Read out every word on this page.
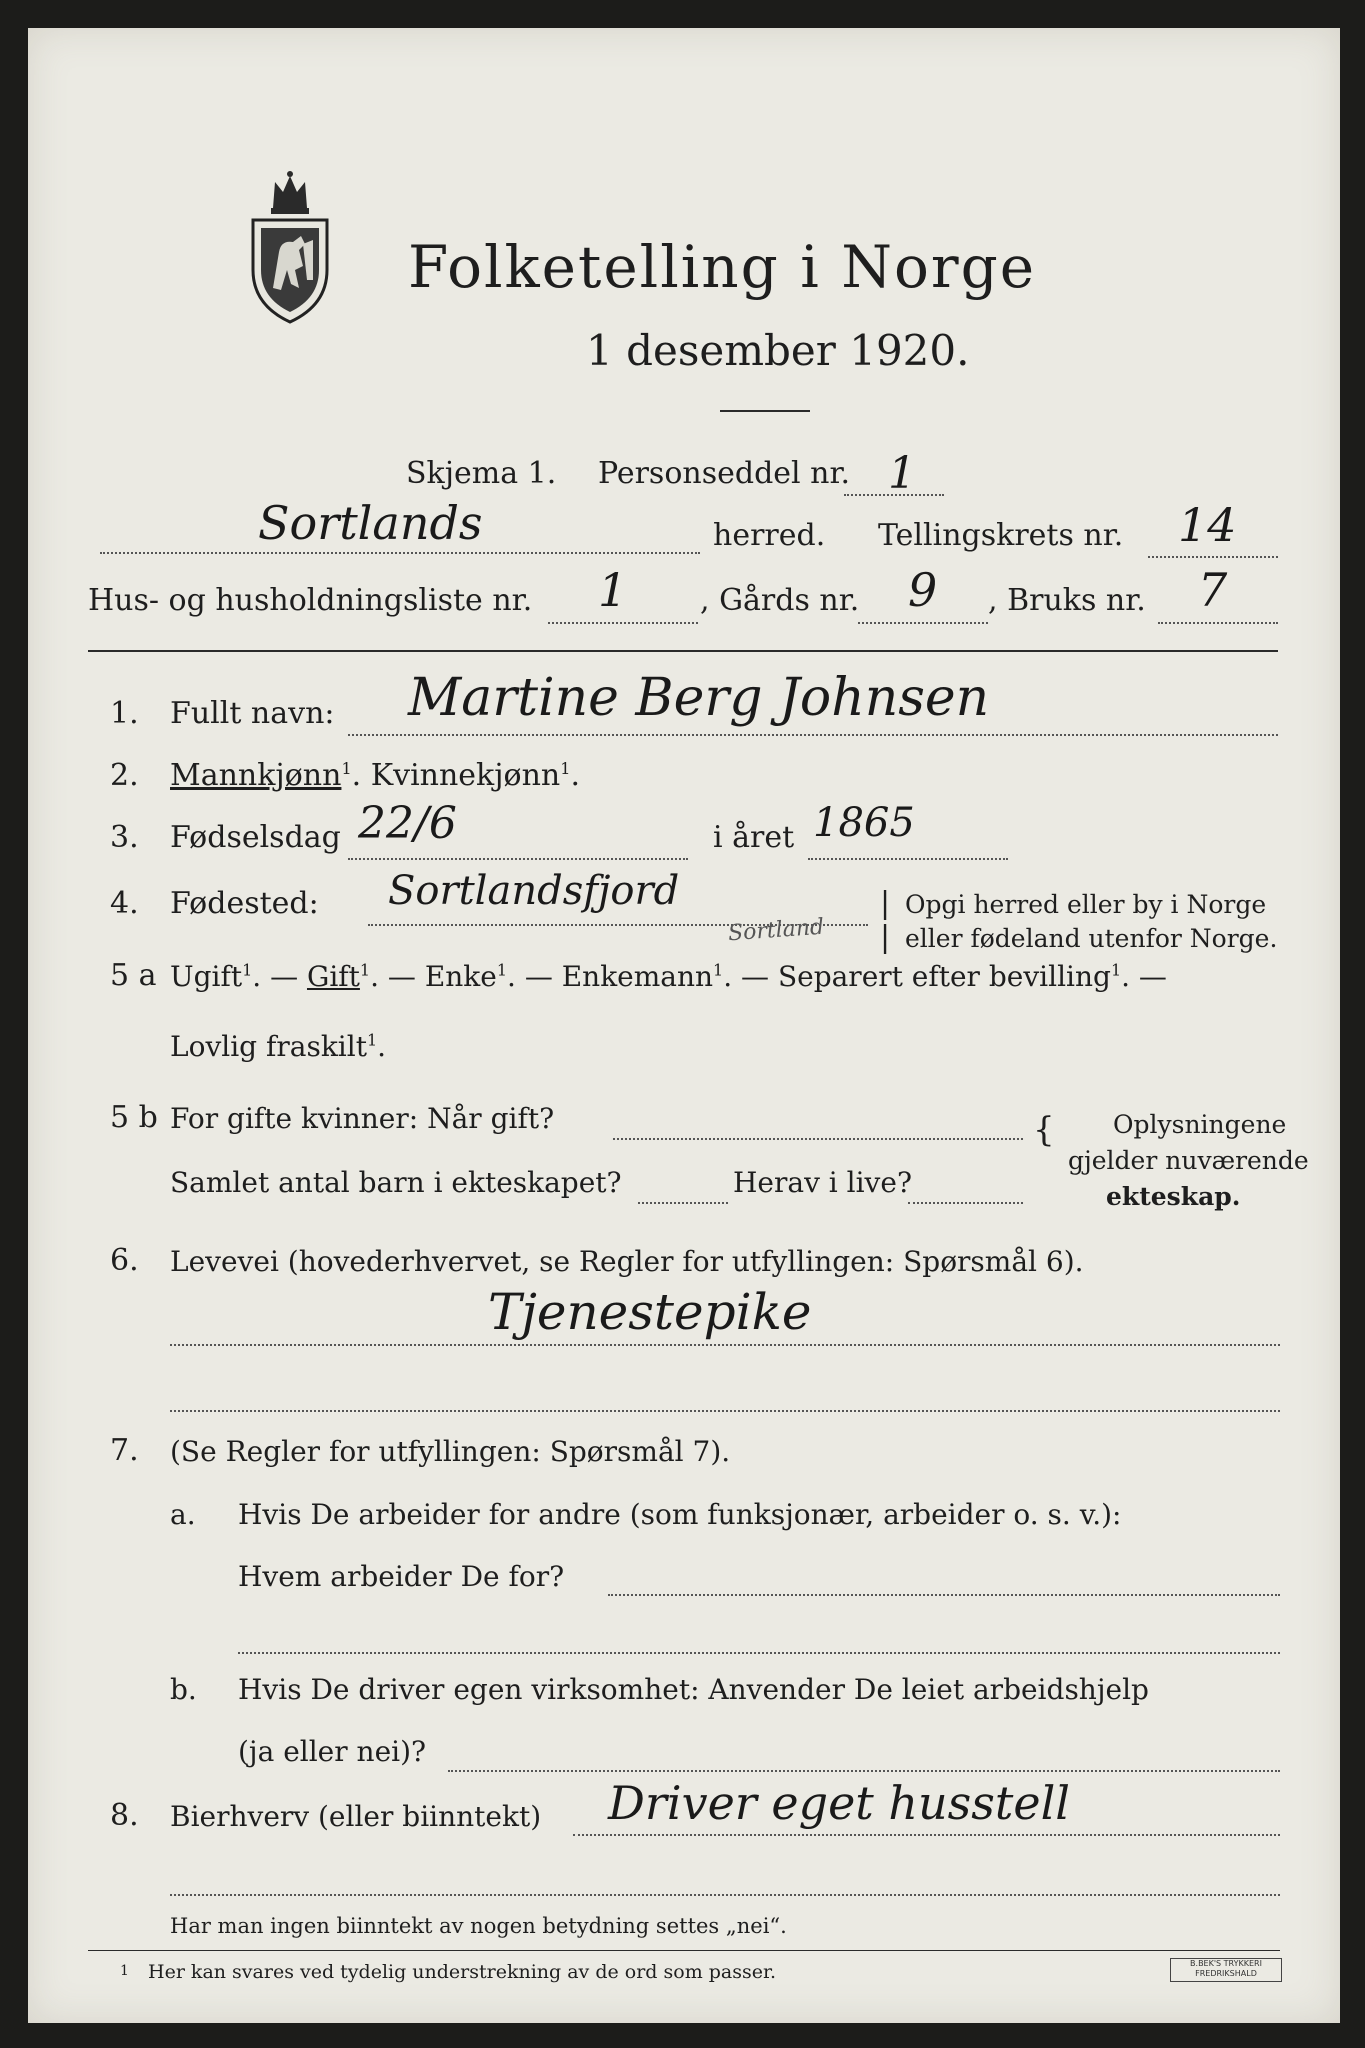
Folketelling i Norge
1 desember 1920.
Skjema 1. Personseddel nr. 1
Sortlands	herred. Tellingskrets nr. 14
Hus- og husholdningsliste nr. 1 , Gårds nr. 9 , Bruks nr. 7
1. Fullt navn: Martine Berg Johnsen
2. Mannkjønn$^1$. Kvinnekjønn$^1$.
3. Fødselsdag 22/6	i året 1865
4. Fødested: Sortlandsfjord
Sortland
|
|
Opgi herred eller by i Norge
eller fødeland utenfor Norge.
5 a Ugift$^1$. — Gift$^1$. — Enke$^1$. — Enkemann$^1$. — Separert efter bevilling$^1$. —
Lovlig fraskilt$^1$.
5 b For gifte kvinner: Når gift?
Samlet antal barn i ekteskapet?	Herav i live?
{ Oplysningene
gjelder nuværende
ekteskap.
6. Levevei (hovederhvervet, se Regler for utfyllingen: Spørsmål 6).
Tjenestepike
7. (Se Regler for utfyllingen: Spørsmål 7).
a. Hvis De arbeider for andre (som funksjonær, arbeider o. s. v.):
Hvem arbeider De for?
b. Hvis De driver egen virksomhet: Anvender De leiet arbeidshjelp
(ja eller nei)?
8. Bierhverv (eller biinntekt) Driver eget husstell
Har man ingen biinntekt av nogen betydning settes „nei“.
1 Her kan svares ved tydelig understrekning av de ord som passer.	B.BEK'S TRYKKERI
FREDRIKSHALD
